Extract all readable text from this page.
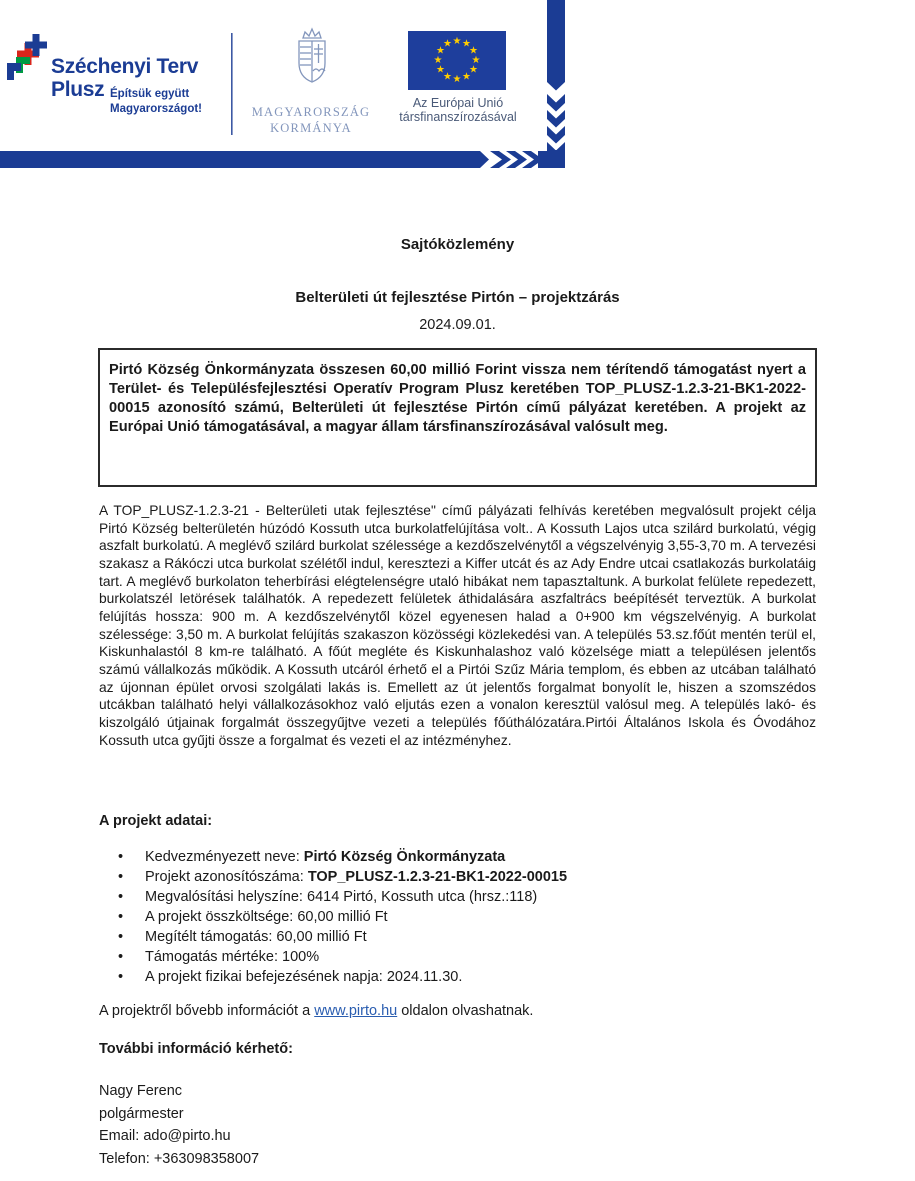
★ ★
★
★
★
★
★
★
★
★
★
★
Széchenyi Terv
Plusz Építsük együtt
Magyarországot!	MAGYARORSZÁG
KORMÁNYA
Az Európai Unió
társfinanszírozásával
Sajtóközlemény
Belterületi út fejlesztése Pirtón – projektzárás
2024.09.01.

Pirtó Község Önkormányzata összesen 60,00 millió Forint vissza nem térítendő támogatást nyert a Terület- és Településfejlesztési Operatív Program Plusz keretében TOP_PLUSZ-1.2.3-21-BK1-2022-00015 azonosító számú, Belterületi út fejlesztése Pirtón című pályázat keretében. A projekt az Európai Unió támogatásával, a magyar állam társfinanszírozásával valósult meg.

A TOP_PLUSZ-1.2.3-21 - Belterületi utak fejlesztése" című pályázati felhívás keretében megvalósult projekt célja Pirtó Község belterületén húzódó Kossuth utca burkolatfelújítása volt.. A Kossuth Lajos utca szilárd burkolatú, végig aszfalt burkolatú. A meglévő szilárd burkolat szélessége a kezdőszelvénytől a végszelvényig 3,55-3,70 m. A tervezési szakasz a Rákóczi utca burkolat szélétől indul, keresztezi a Kiffer utcát és az Ady Endre utcai csatlakozás burkolatáig tart. A meglévő burkolaton teherbírási elégtelenségre utaló hibákat nem tapasztaltunk. A burkolat felülete repedezett, burkolatszél letörések találhatók. A repedezett felületek áthidalására aszfaltrács beépítését terveztük. A burkolat felújítás hossza: 900 m. A kezdőszelvénytől közel egyenesen halad a 0+900 km végszelvényig. A burkolat szélessége: 3,50 m. A burkolat felújítás szakaszon közösségi közlekedési van. A település 53.sz.főút mentén terül el, Kiskunhalastól 8 km-re található. A főút megléte és Kiskunhalashoz való közelsége miatt a településen jelentős számú vállalkozás működik. A Kossuth utcáról érhető el a Pirtói Szűz Mária templom, és ebben az utcában található az újonnan épület orvosi szolgálati lakás is. Emellett az út jelentős forgalmat bonyolít le, hiszen a szomszédos utcákban található helyi vállalkozásokhoz való eljutás ezen a vonalon keresztül valósul meg. A település lakó- és kiszolgáló útjainak forgalmát összegyűjtve vezeti a település főúthálózatára.Pirtói Általános Iskola és Óvodához Kossuth utca gyűjti össze a forgalmat és vezeti el az intézményhez.
A projekt adatai:
• Kedvezményezett neve: Pirtó Község Önkormányzata
• Projekt azonosítószáma: TOP_PLUSZ-1.2.3-21-BK1-2022-00015
• Megvalósítási helyszíne: 6414 Pirtó, Kossuth utca (hrsz.:118)
• A projekt összköltsége: 60,00 millió Ft
• Megítélt támogatás: 60,00 millió Ft
• Támogatás mértéke: 100%
• A projekt fizikai befejezésének napja: 2024.11.30.
A projektről bővebb információt a www.pirto.hu oldalon olvashatnak.
További információ kérhető:
Nagy Ferenc
polgármester
Email: ado@pirto.hu
Telefon: +363098358007
